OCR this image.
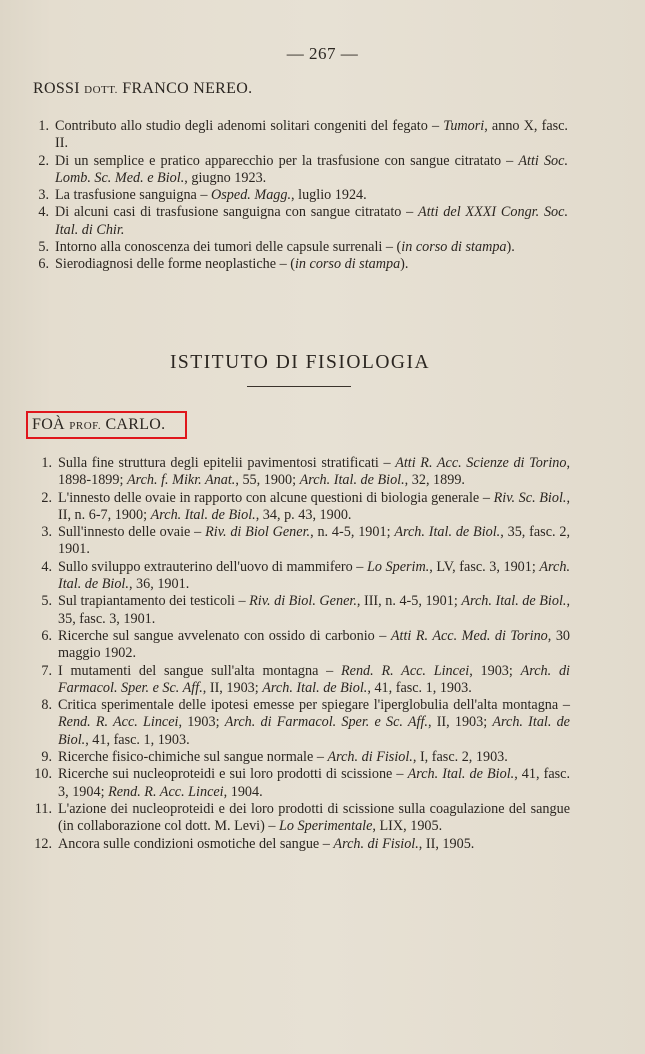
— 267 —
ROSSI DOTT. FRANCO NEREO.
1. Contributo allo studio degli adenomi solitari congeniti del fegato – Tumori, anno X, fasc. II.
2. Di un semplice e pratico apparecchio per la trasfusione con sangue citratato – Atti Soc. Lomb. Sc. Med. e Biol., giugno 1923.
3. La trasfusione sanguigna – Osped. Magg., luglio 1924.
4. Di alcuni casi di trasfusione sanguigna con sangue citratato – Atti del XXXI Congr. Soc. Ital. di Chir.
5. Intorno alla conoscenza dei tumori delle capsule surrenali – (in corso di stampa).
6. Sierodiagnosi delle forme neoplastiche – (in corso di stampa).
ISTITUTO DI FISIOLOGIA
FOÀ PROF. CARLO.
1. Sulla fine struttura degli epitelii pavimentosi stratificati – Atti R. Acc. Scienze di Torino, 1898-1899; Arch. f. Mikr. Anat., 55, 1900; Arch. Ital. de Biol., 32, 1899.
2. L'innesto delle ovaie in rapporto con alcune questioni di biologia generale – Riv. Sc. Biol., II, n. 6-7, 1900; Arch. Ital. de Biol., 34, p. 43, 1900.
3. Sull'innesto delle ovaie – Riv. di Biol Gener., n. 4-5, 1901; Arch. Ital. de Biol., 35, fasc. 2, 1901.
4. Sullo sviluppo extrauterino dell'uovo di mammifero – Lo Sperim., LV, fasc. 3, 1901; Arch. Ital. de Biol., 36, 1901.
5. Sul trapiantamento dei testicoli – Riv. di Biol. Gener., III, n. 4-5, 1901; Arch. Ital. de Biol., 35, fasc. 3, 1901.
6. Ricerche sul sangue avvelenato con ossido di carbonio – Atti R. Acc. Med. di Torino, 30 maggio 1902.
7. I mutamenti del sangue sull'alta montagna – Rend. R. Acc. Lincei, 1903; Arch. di Farmacol. Sper. e Sc. Aff., II, 1903; Arch. Ital. de Biol., 41, fasc. 1, 1903.
8. Critica sperimentale delle ipotesi emesse per spiegare l'iperglobulia dell'alta montagna – Rend. R. Acc. Lincei, 1903; Arch. di Farmacol. Sper. e Sc. Aff., II, 1903; Arch. Ital. de Biol., 41, fasc. 1, 1903.
9. Ricerche fisico-chimiche sul sangue normale – Arch. di Fisiol., I, fasc. 2, 1903.
10. Ricerche sui nucleoproteidi e sui loro prodotti di scissione – Arch. Ital. de Biol., 41, fasc. 3, 1904; Rend. R. Acc. Lincei, 1904.
11. L'azione dei nucleoproteidi e dei loro prodotti di scissione sulla coagulazione del sangue (in collaborazione col dott. M. Levi) – Lo Sperimentale, LIX, 1905.
12. Ancora sulle condizioni osmotiche del sangue – Arch. di Fisiol., II, 1905.
